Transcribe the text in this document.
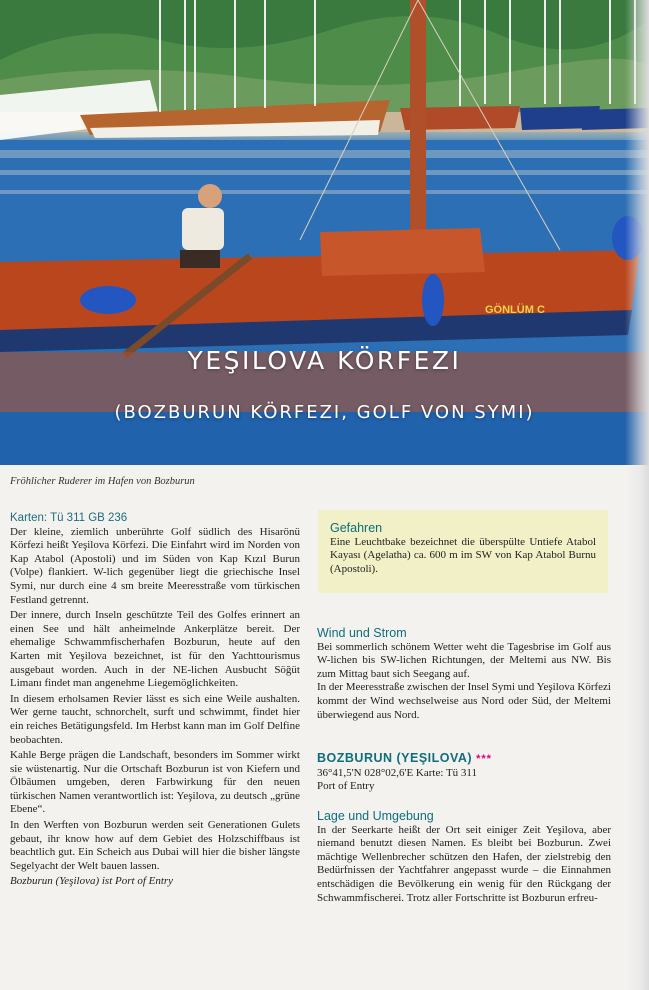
GÖNLÜM C
YEŞILOVA KÖRFEZI
(BOZBURUN KÖRFEZI, GOLF VON SYMI)
Fröhlicher Ruderer im Hafen von Bozburun
Karten: Tü 311 GB 236

Der kleine, ziemlich unberührte Golf südlich des Hisarönü Körfezi heißt Yeşilova Körfezi. Die Einfahrt wird im Norden von Kap Atabol (Apostoli) und im Süden von Kap Kızıl Burun (Volpe) flankiert. W-lich gegenüber liegt die griechische Insel Symi, nur durch eine 4 sm breite Meeresstraße vom türkischen Festland getrennt.

Der innere, durch Inseln geschützte Teil des Golfes erinnert an einen See und hält anheimelnde Ankerplätze bereit. Der ehemalige Schwammfischerhafen Bozburun, heute auf den Karten mit Yeşilova bezeichnet, ist für den Yachttourismus ausgebaut worden. Auch in der NE-lichen Ausbucht Söğüt Limanı findet man angenehme Liegemöglichkeiten.

In diesem erholsamen Revier lässt es sich eine Weile aushalten. Wer gerne taucht, schnorchelt, surft und schwimmt, findet hier ein reiches Betätigungsfeld. Im Herbst kann man im Golf Delfine beobachten.

Kahle Berge prägen die Landschaft, besonders im Sommer wirkt sie wüstenartig. Nur die Ortschaft Bozburun ist von Kiefern und Ölbäumen umgeben, deren Farbwirkung für den neuen türkischen Namen verantwortlich ist: Yeşilova, zu deutsch „grüne Ebene“.

In den Werften von Bozburun werden seit Generationen Gulets gebaut, ihr know how auf dem Gebiet des Holzschiffbaus ist beachtlich gut. Ein Scheich aus Dubai will hier die bisher längste Segelyacht der Welt bauen lassen.

Bozburun (Yeşilova) ist Port of Entry

Gefahren
Eine Leuchtbake bezeichnet die überspülte Untiefe Atabol Kayası (Agelatha) ca. 600 m im SW von Kap Atabol Burnu (Apostoli).
Wind und Strom
Bei sommerlich schönem Wetter weht die Tagesbrise im Golf aus W-lichen bis SW-lichen Richtungen, der Meltemi aus NW. Bis zum Mittag baut sich Seegang auf.
In der Meeresstraße zwischen der Insel Symi und Yeşilova Körfezi kommt der Wind wechselweise aus Nord oder Süd, der Meltemi überwiegend aus Nord.
BOZBURUN (YEŞILOVA) ***
36°41,5'N 028°02,6'E Karte: Tü 311
Port of Entry
Lage und Umgebung
In der Seerkarte heißt der Ort seit einiger Zeit Yeşilova, aber niemand benutzt diesen Namen. Es bleibt bei Bozburun. Zwei mächtige Wellenbrecher schützen den Hafen, der zielstrebig den Bedürfnissen der Yachtfahrer angepasst wurde – die Einnahmen entschädigen die Bevölkerung ein wenig für den Rückgang der Schwammfischerei. Trotz aller Fortschritte ist Bozburun erfreu-
